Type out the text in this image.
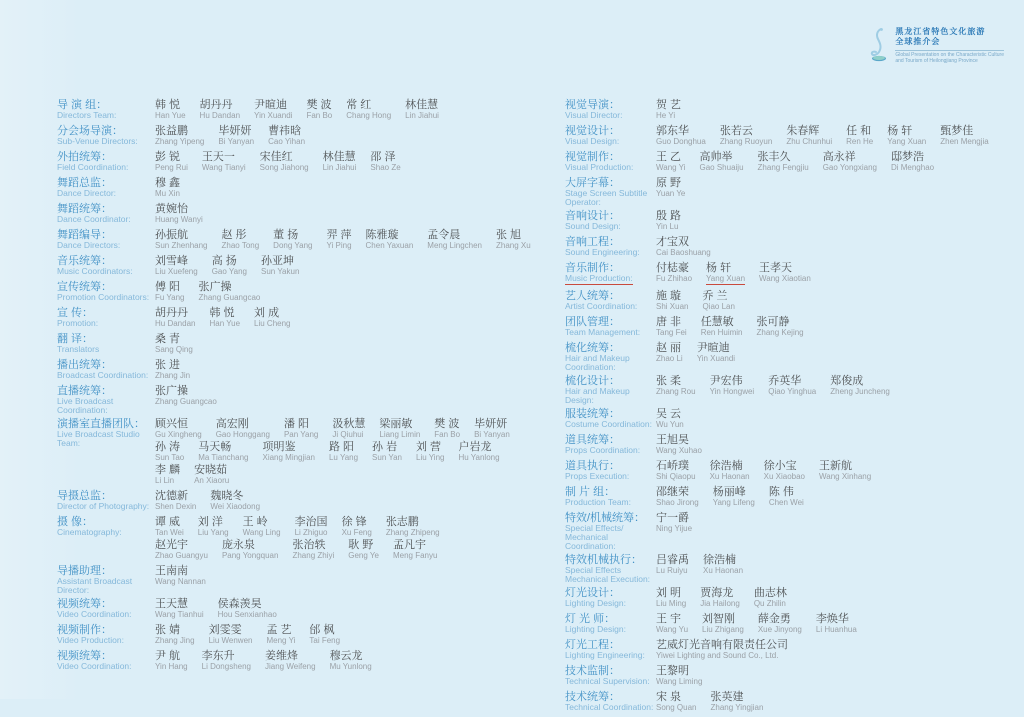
黑龙江省特色文化旅游
全球推介会
Global Presentation on the Characteristic Culture
and Tourism of Heilongjiang Province
导 演 组：
Directors Team:
韩 悦
Han Yue
胡丹丹
Hu Dandan
尹暄迪
Yin Xuandi
樊 波
Fan Bo
常 红
Chang Hong
林佳慧
Lin Jiahui
分会场导演：
Sub-Venue Directors:
张益鹏
Zhang Yipeng
毕妍妍
Bi Yanyan
曹祎晗
Cao Yihan
外拍统筹：
Field Coordination:
彭 锐
Peng Rui
王天一
Wang Tianyi
宋佳红
Song Jiahong
林佳慧
Lin Jiahui
邵 泽
Shao Ze
舞蹈总监：
Dance Director:
穆 鑫
Mu Xin
舞蹈统筹：
Dance Coordinator:
黄婉怡
Huang Wanyi
舞蹈编导：
Dance Directors:
孙振航
Sun Zhenhang
赵 彤
Zhao Tong
董 扬
Dong Yang
羿 萍
Yi Ping
陈雅璇
Chen Yaxuan
孟令晨
Meng Lingchen
张 旭
Zhang Xu
音乐统筹：
Music Coordinators:
刘雪峰
Liu Xuefeng
高 扬
Gao Yang
孙亚坤
Sun Yakun
宣传统筹：
Promotion Coordinators:
傅 阳
Fu Yang
张广操
Zhang Guangcao
宣 传：
Promotion:
胡丹丹
Hu Dandan
韩 悦
Han Yue
刘 成
Liu Cheng
翻 译：
Translators
桑 青
Sang Qing
播出统筹：
Broadcast Coordination:
张 进
Zhang Jin
直播统筹：
Live Broadcast Coordination:
张广操
Zhang Guangcao
演播室直播团队：
Live Broadcast Studio Team:
顾兴恒
Gu Xingheng
高宏刚
Gao Honggang
潘 阳
Pan Yang
汲秋慧
Ji Qiuhui
梁丽敏
Liang Limin
樊 波
Fan Bo
毕妍妍
Bi Yanyan
孙 涛
Sun Tao
马天畅
Ma Tianchang
项明鉴
Xiang Mingjian
路 阳
Lu Yang
孙 岩
Sun Yan
刘 营
Liu Ying
户岩龙
Hu Yanlong
李 麟
Li Lin
安晓茹
An Xiaoru
导摄总监：
Director of Photography:
沈德新
Shen Dexin
魏晓冬
Wei Xiaodong
摄 像：
Cinematography:
谭 威
Tan Wei
刘 洋
Liu Yang
王 岭
Wang Ling
李治国
Li Zhiguo
徐 锋
Xu Feng
张志鹏
Zhang Zhipeng
赵光宇
Zhao Guangyu
庞永泉
Pang Yongquan
张治轶
Zhang Zhiyi
耿 野
Geng Ye
孟凡宇
Meng Fanyu
导播助理：
Assistant Broadcast Director:
王南南
Wang Nannan
视频统筹：
Video Coordination:
王天慧
Wang Tianhui
侯森羡昊
Hou Senxianhao
视频制作：
Video Production:
张 婧
Zhang Jing
刘雯雯
Liu Wenwen
孟 艺
Meng Yi
邰 枫
Tai Feng
视频统筹：
Video Coordination:
尹 航
Yin Hang
李东升
Li Dongsheng
姜维烽
Jiang Weifeng
穆云龙
Mu Yunlong
视觉导演：
Visual Director:
贺 艺
He Yi
视觉设计：
Visual Design:
郭东华
Guo Donghua
张若云
Zhang Ruoyun
朱春辉
Zhu Chunhui
任 和
Ren He
杨 轩
Yang Xuan
甄梦佳
Zhen Mengjia
视觉制作：
Visual Production:
王 乙
Wang Yi
高帅举
Gao Shuaiju
张丰久
Zhang Fengjiu
高永祥
Gao Yongxiang
邸梦浩
Di Menghao
大屏字幕：
Stage Screen Subtitle Operator:
原 野
Yuan Ye
音响设计：
Sound Design:
殷 路
Yin Lu
音响工程：
Sound Engineering:
才宝双
Cai Baoshuang
音乐制作：
Music Production:
付梽豪
Fu Zhihao
杨 轩
Yang Xuan
王孝天
Wang Xiaotian
艺人统筹：
Artist Coordination:
施 璇
Shi Xuan
乔 兰
Qiao Lan
团队管理：
Team Management:
唐 非
Tang Fei
任慧敏
Ren Huimin
张可静
Zhang Kejing
梳化统筹：
Hair and Makeup Coordination:
赵 丽
Zhao Li
尹暄迪
Yin Xuandi
梳化设计：
Hair and Makeup Design:
张 柔
Zhang Rou
尹宏伟
Yin Hongwei
乔英华
Qiao Yinghua
郑俊成
Zheng Juncheng
服装统筹：
Costume Coordination:
吴 云
Wu Yun
道具统筹：
Props Coordination:
王旭昊
Wang Xuhao
道具执行：
Props Execution:
石峤璞
Shi Qiaopu
徐浩楠
Xu Haonan
徐小宝
Xu Xiaobao
王新航
Wang Xinhang
制 片 组：
Production Team:
邵继荣
Shao Jirong
杨丽峰
Yang Lifeng
陈 伟
Chen Wei
特效/机械统筹：
Special Effects/
Mechanical Coordination:
宁一爵
Ning Yijue
特效机械执行：
Special Effects
Mechanical Execution:
吕睿禹
Lu Ruiyu
徐浩楠
Xu Haonan
灯光设计：
Lighting Design:
刘 明
Liu Ming
贾海龙
Jia Hailong
曲志林
Qu Zhilin
灯 光 师：
Lighting Design:
王 宇
Wang Yu
刘智刚
Liu Zhigang
薛金勇
Xue Jinyong
李焕华
Li Huanhua
灯光工程：
Lighting Engineering:
艺威灯光音响有限责任公司
Yiwei Lighting and Sound Co., Ltd.
技术监制：
Technical Supervision:
王黎明
Wang Liming
技术统筹：
Technical Coordination:
宋 泉
Song Quan
张英建
Zhang Yingjian
